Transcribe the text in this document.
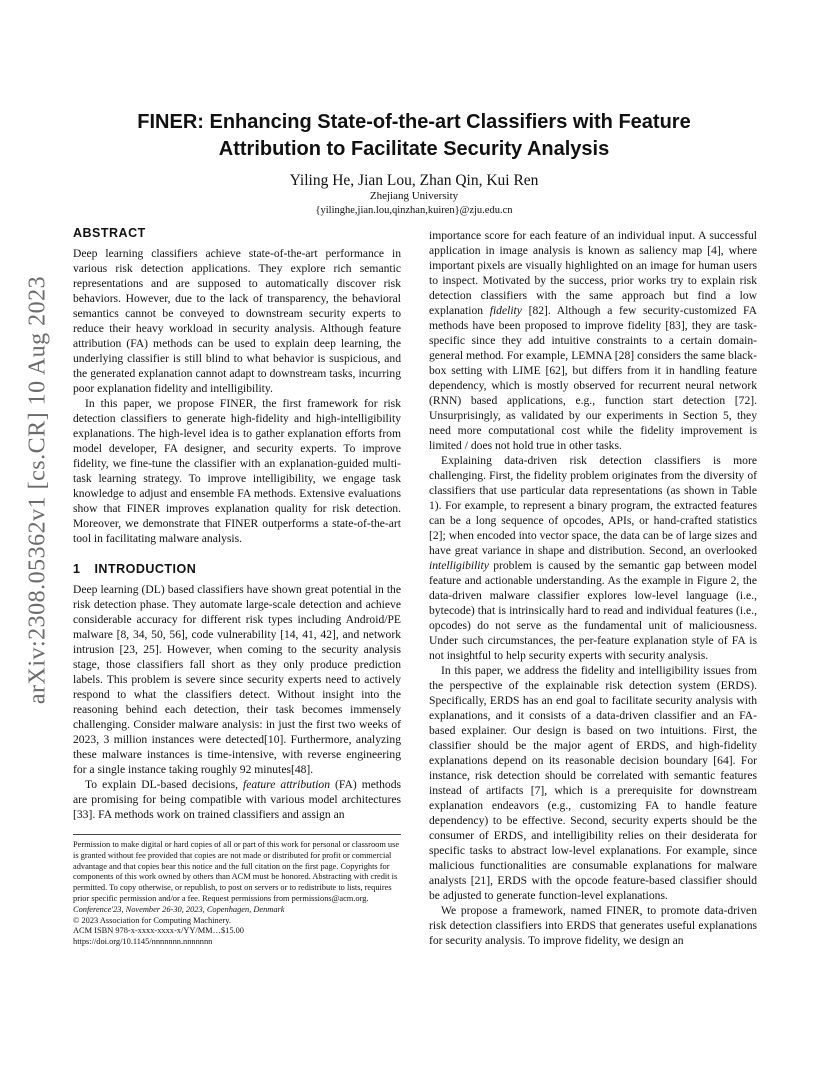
arXiv:2308.05362v1 [cs.CR] 10 Aug 2023
FINER: Enhancing State-of-the-art Classifiers with Feature
Attribution to Facilitate Security Analysis
Yiling He, Jian Lou, Zhan Qin, Kui Ren
Zhejiang University
{yilinghe,jian.lou,qinzhan,kuiren}@zju.edu.cn
ABSTRACT

Deep learning classifiers achieve state-of-the-art performance in various risk detection applications. They explore rich semantic representations and are supposed to automatically discover risk behaviors. However, due to the lack of transparency, the behavioral semantics cannot be conveyed to downstream security experts to reduce their heavy workload in security analysis. Although feature attribution (FA) methods can be used to explain deep learning, the underlying classifier is still blind to what behavior is suspicious, and the generated explanation cannot adapt to downstream tasks, incurring poor explanation fidelity and intelligibility.

In this paper, we propose FINER, the first framework for risk detection classifiers to generate high-fidelity and high-intelligibility explanations. The high-level idea is to gather explanation efforts from model developer, FA designer, and security experts. To improve fidelity, we fine-tune the classifier with an explanation-guided multi-task learning strategy. To improve intelligibility, we engage task knowledge to adjust and ensemble FA methods. Extensive evaluations show that FINER improves explanation quality for risk detection. Moreover, we demonstrate that FINER outperforms a state-of-the-art tool in facilitating malware analysis.

1 INTRODUCTION

Deep learning (DL) based classifiers have shown great potential in the risk detection phase. They automate large-scale detection and achieve considerable accuracy for different risk types including Android/PE malware [8, 34, 50, 56], code vulnerability [14, 41, 42], and network intrusion [23, 25]. However, when coming to the security analysis stage, those classifiers fall short as they only produce prediction labels. This problem is severe since security experts need to actively respond to what the classifiers detect. Without insight into the reasoning behind each detection, their task becomes immensely challenging. Consider malware analysis: in just the first two weeks of 2023, 3 million instances were detected[10]. Furthermore, analyzing these malware instances is time-intensive, with reverse engineering for a single instance taking roughly 92 minutes[48].

To explain DL-based decisions, feature attribution (FA) methods are promising for being compatible with various model architectures [33]. FA methods work on trained classifiers and assign an

Permission to make digital or hard copies of all or part of this work for personal or classroom use is granted without fee provided that copies are not made or distributed for profit or commercial advantage and that copies bear this notice and the full citation on the first page. Copyrights for components of this work owned by others than ACM must be honored. Abstracting with credit is permitted. To copy otherwise, or republish, to post on servers or to redistribute to lists, requires prior specific permission and/or a fee. Request permissions from permissions@acm.org.

Conference'23, November 26-30, 2023, Copenhagen, Denmark

© 2023 Association for Computing Machinery.

ACM ISBN 978-x-xxxx-xxxx-x/YY/MM…$15.00

https://doi.org/10.1145/nnnnnnn.nnnnnnn

importance score for each feature of an individual input. A successful application in image analysis is known as saliency map [4], where important pixels are visually highlighted on an image for human users to inspect. Motivated by the success, prior works try to explain risk detection classifiers with the same approach but find a low explanation fidelity [82]. Although a few security-customized FA methods have been proposed to improve fidelity [83], they are task-specific since they add intuitive constraints to a certain domain-general method. For example, LEMNA [28] considers the same black-box setting with LIME [62], but differs from it in handling feature dependency, which is mostly observed for recurrent neural network (RNN) based applications, e.g., function start detection [72]. Unsurprisingly, as validated by our experiments in Section 5, they need more computational cost while the fidelity improvement is limited / does not hold true in other tasks.

Explaining data-driven risk detection classifiers is more challenging. First, the fidelity problem originates from the diversity of classifiers that use particular data representations (as shown in Table 1). For example, to represent a binary program, the extracted features can be a long sequence of opcodes, APIs, or hand-crafted statistics [2]; when encoded into vector space, the data can be of large sizes and have great variance in shape and distribution. Second, an overlooked intelligibility problem is caused by the semantic gap between model feature and actionable understanding. As the example in Figure 2, the data-driven malware classifier explores low-level language (i.e., bytecode) that is intrinsically hard to read and individual features (i.e., opcodes) do not serve as the fundamental unit of maliciousness. Under such circumstances, the per-feature explanation style of FA is not insightful to help security experts with security analysis.

In this paper, we address the fidelity and intelligibility issues from the perspective of the explainable risk detection system (ERDS). Specifically, ERDS has an end goal to facilitate security analysis with explanations, and it consists of a data-driven classifier and an FA-based explainer. Our design is based on two intuitions. First, the classifier should be the major agent of ERDS, and high-fidelity explanations depend on its reasonable decision boundary [64]. For instance, risk detection should be correlated with semantic features instead of artifacts [7], which is a prerequisite for downstream explanation endeavors (e.g., customizing FA to handle feature dependency) to be effective. Second, security experts should be the consumer of ERDS, and intelligibility relies on their desiderata for specific tasks to abstract low-level explanations. For example, since malicious functionalities are consumable explanations for malware analysts [21], ERDS with the opcode feature-based classifier should be adjusted to generate function-level explanations.

We propose a framework, named FINER, to promote data-driven risk detection classifiers into ERDS that generates useful explanations for security analysis. To improve fidelity, we design an
